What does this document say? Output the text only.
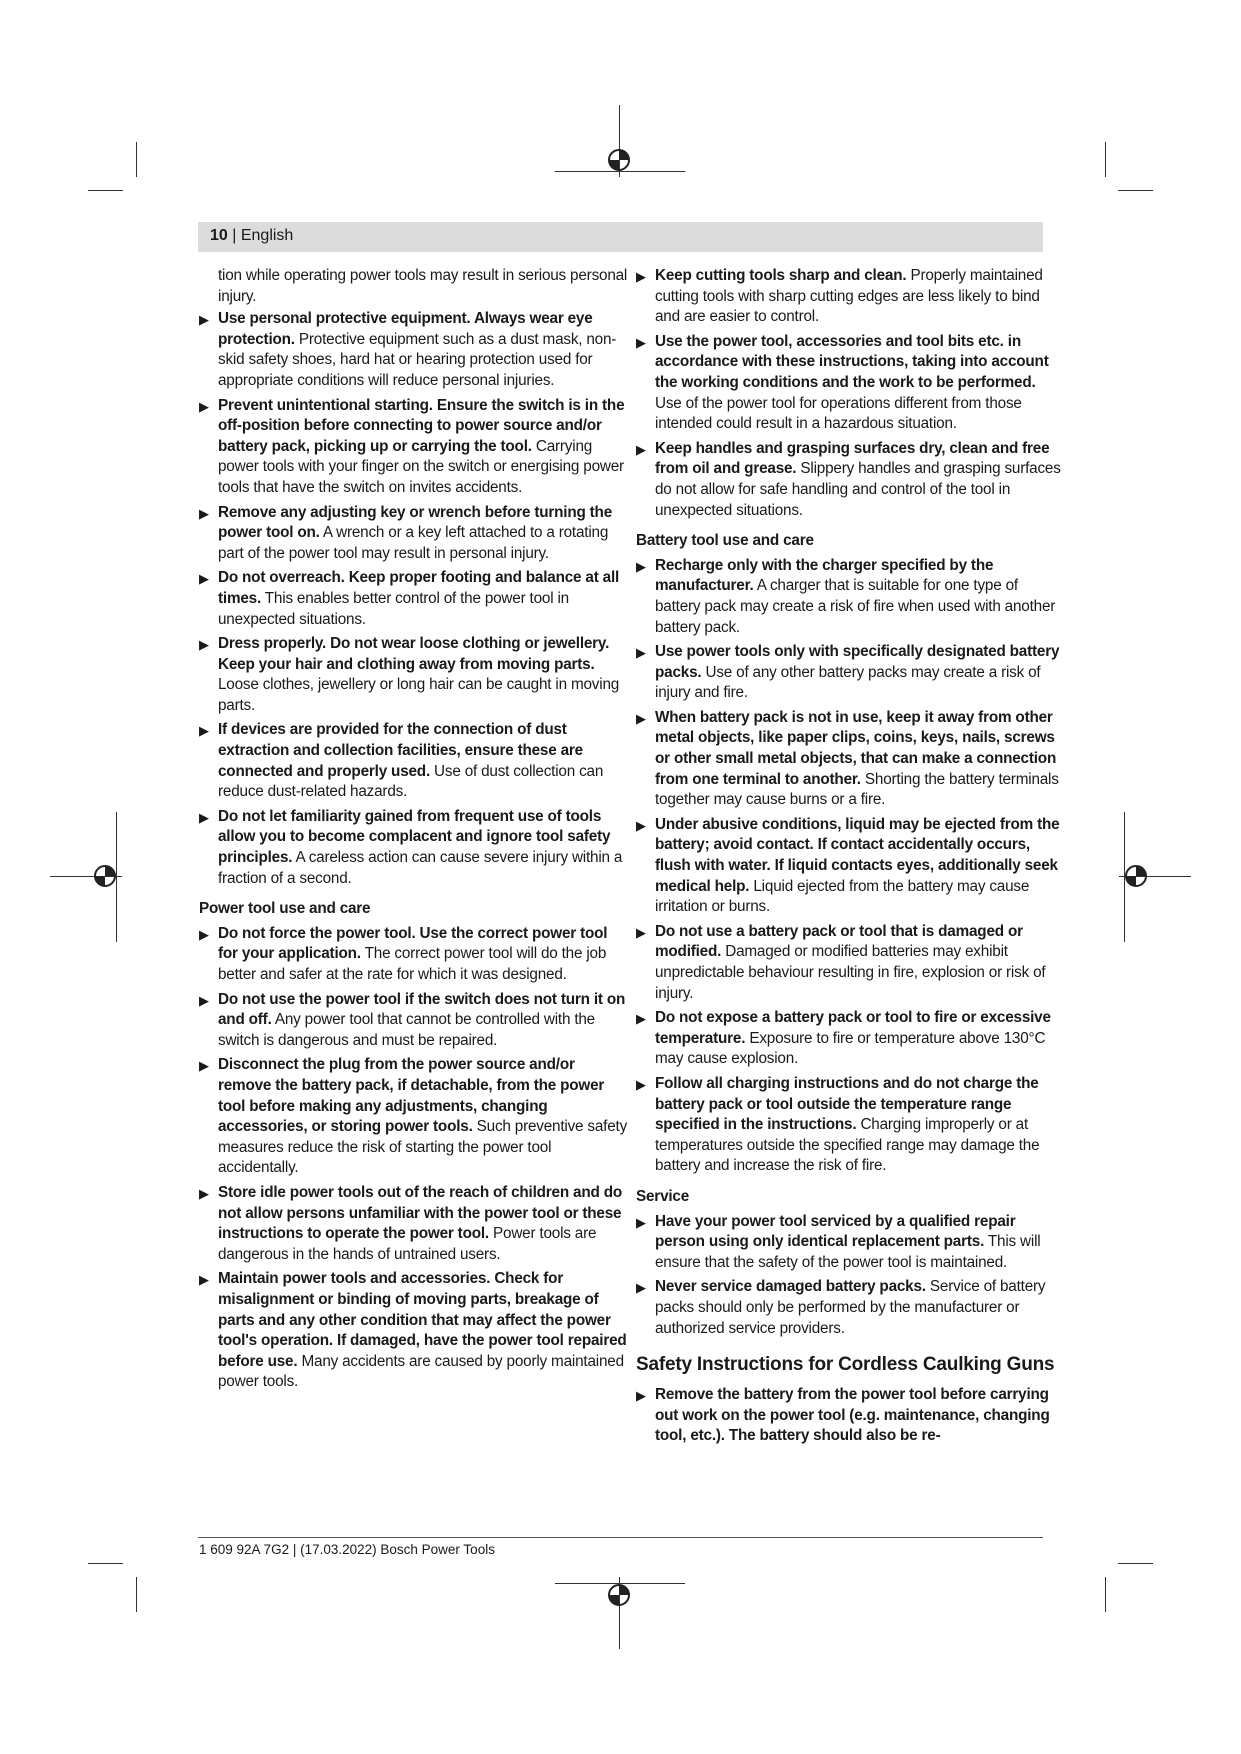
10 | English

tion while operating power tools may result in serious personal injury.

▶ Use personal protective equipment. Always wear eye protection. Protective equipment such as a dust mask, non-skid safety shoes, hard hat or hearing protection used for appropriate conditions will reduce personal injuries.
▶ Prevent unintentional starting. Ensure the switch is in the off-position before connecting to power source and/or battery pack, picking up or carrying the tool. Carrying power tools with your finger on the switch or energising power tools that have the switch on invites accidents.
▶ Remove any adjusting key or wrench before turning the power tool on. A wrench or a key left attached to a rotating part of the power tool may result in personal injury.
▶ Do not overreach. Keep proper footing and balance at all times. This enables better control of the power tool in unexpected situations.
▶ Dress properly. Do not wear loose clothing or jewellery. Keep your hair and clothing away from moving parts. Loose clothes, jewellery or long hair can be caught in moving parts.
▶ If devices are provided for the connection of dust extraction and collection facilities, ensure these are connected and properly used. Use of dust collection can reduce dust-related hazards.
▶ Do not let familiarity gained from frequent use of tools allow you to become complacent and ignore tool safety principles. A careless action can cause severe injury within a fraction of a second.
Power tool use and care
▶ Do not force the power tool. Use the correct power tool for your application. The correct power tool will do the job better and safer at the rate for which it was designed.
▶ Do not use the power tool if the switch does not turn it on and off. Any power tool that cannot be controlled with the switch is dangerous and must be repaired.
▶ Disconnect the plug from the power source and/or remove the battery pack, if detachable, from the power tool before making any adjustments, changing accessories, or storing power tools. Such preventive safety measures reduce the risk of starting the power tool accidentally.
▶ Store idle power tools out of the reach of children and do not allow persons unfamiliar with the power tool or these instructions to operate the power tool. Power tools are dangerous in the hands of untrained users.
▶ Maintain power tools and accessories. Check for misalignment or binding of moving parts, breakage of parts and any other condition that may affect the power tool's operation. If damaged, have the power tool repaired before use. Many accidents are caused by poorly maintained power tools.
▶ Keep cutting tools sharp and clean. Properly maintained cutting tools with sharp cutting edges are less likely to bind and are easier to control.
▶ Use the power tool, accessories and tool bits etc. in accordance with these instructions, taking into account the working conditions and the work to be performed. Use of the power tool for operations different from those intended could result in a hazardous situation.
▶ Keep handles and grasping surfaces dry, clean and free from oil and grease. Slippery handles and grasping surfaces do not allow for safe handling and control of the tool in unexpected situations.
Battery tool use and care
▶ Recharge only with the charger specified by the manufacturer. A charger that is suitable for one type of battery pack may create a risk of fire when used with another battery pack.
▶ Use power tools only with specifically designated battery packs. Use of any other battery packs may create a risk of injury and fire.
▶ When battery pack is not in use, keep it away from other metal objects, like paper clips, coins, keys, nails, screws or other small metal objects, that can make a connection from one terminal to another. Shorting the battery terminals together may cause burns or a fire.
▶ Under abusive conditions, liquid may be ejected from the battery; avoid contact. If contact accidentally occurs, flush with water. If liquid contacts eyes, additionally seek medical help. Liquid ejected from the battery may cause irritation or burns.
▶ Do not use a battery pack or tool that is damaged or modified. Damaged or modified batteries may exhibit unpredictable behaviour resulting in fire, explosion or risk of injury.
▶ Do not expose a battery pack or tool to fire or excessive temperature. Exposure to fire or temperature above 130°C may cause explosion.
▶ Follow all charging instructions and do not charge the battery pack or tool outside the temperature range specified in the instructions. Charging improperly or at temperatures outside the specified range may damage the battery and increase the risk of fire.
Service
▶ Have your power tool serviced by a qualified repair person using only identical replacement parts. This will ensure that the safety of the power tool is maintained.
▶ Never service damaged battery packs. Service of battery packs should only be performed by the manufacturer or authorized service providers.
Safety Instructions for Cordless Caulking Guns
▶ Remove the battery from the power tool before carrying out work on the power tool (e.g. maintenance, changing tool, etc.). The battery should also be re-
1 609 92A 7G2 | (17.03.2022) Bosch Power Tools
